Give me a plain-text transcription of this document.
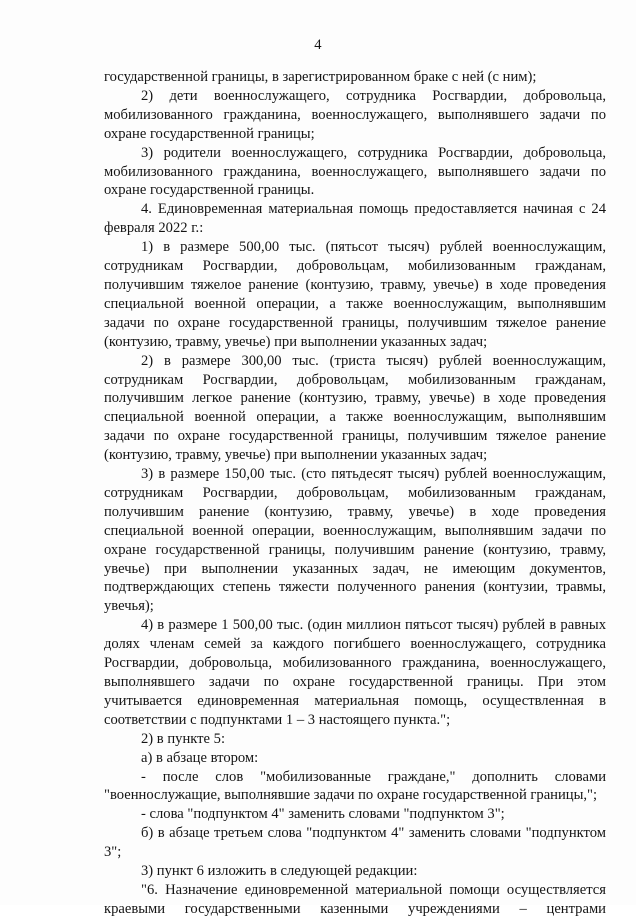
4

государственной границы, в зарегистрированном браке с ней (с ним);

2) дети военнослужащего, сотрудника Росгвардии, добровольца, мобилизованного гражданина, военнослужащего, выполнявшего задачи по охране государственной границы;

3) родители военнослужащего, сотрудника Росгвардии, добровольца, мобилизованного гражданина, военнослужащего, выполнявшего задачи по охране государственной границы.

4. Единовременная материальная помощь предоставляется начиная с 24 февраля 2022 г.:

1) в размере 500,00 тыс. (пятьсот тысяч) рублей военнослужащим, сотрудникам Росгвардии, добровольцам, мобилизованным гражданам, получившим тяжелое ранение (контузию, травму, увечье) в ходе проведения специальной военной операции, а также военнослужащим, выполнявшим задачи по охране государственной границы, получившим тяжелое ранение (контузию, травму, увечье) при выполнении указанных задач;

2) в размере 300,00 тыс. (триста тысяч) рублей военнослужащим, сотрудникам Росгвардии, добровольцам, мобилизованным гражданам, получившим легкое ранение (контузию, травму, увечье) в ходе проведения специальной военной операции, а также военнослужащим, выполнявшим задачи по охране государственной границы, получившим тяжелое ранение (контузию, травму, увечье) при выполнении указанных задач;

3) в размере 150,00 тыс. (сто пятьдесят тысяч) рублей военнослужащим, сотрудникам Росгвардии, добровольцам, мобилизованным гражданам, получившим ранение (контузию, травму, увечье) в ходе проведения специальной военной операции, военнослужащим, выполнявшим задачи по охране государственной границы, получившим ранение (контузию, травму, увечье) при выполнении указанных задач, не имеющим документов, подтверждающих степень тяжести полученного ранения (контузии, травмы, увечья);

4) в размере 1 500,00 тыс. (один миллион пятьсот тысяч) рублей в равных долях членам семей за каждого погибшего военнослужащего, сотрудника Росгвардии, добровольца, мобилизованного гражданина, военнослужащего, выполнявшего задачи по охране государственной границы. При этом учитывается единовременная материальная помощь, осуществленная в соответствии с подпунктами 1 – 3 настоящего пункта.";

2) в пункте 5:

а) в абзаце втором:

- после слов "мобилизованные граждане," дополнить словами "военнослужащие, выполнявшие задачи по охране государственной границы,";

- слова "подпунктом 4" заменить словами "подпунктом 3";

б) в абзаце третьем слова "подпунктом 4" заменить словами "подпунктом 3";

3) пункт 6 изложить в следующей редакции:

"6. Назначение единовременной материальной помощи осуществляется краевыми государственными казенными учреждениями – центрами
